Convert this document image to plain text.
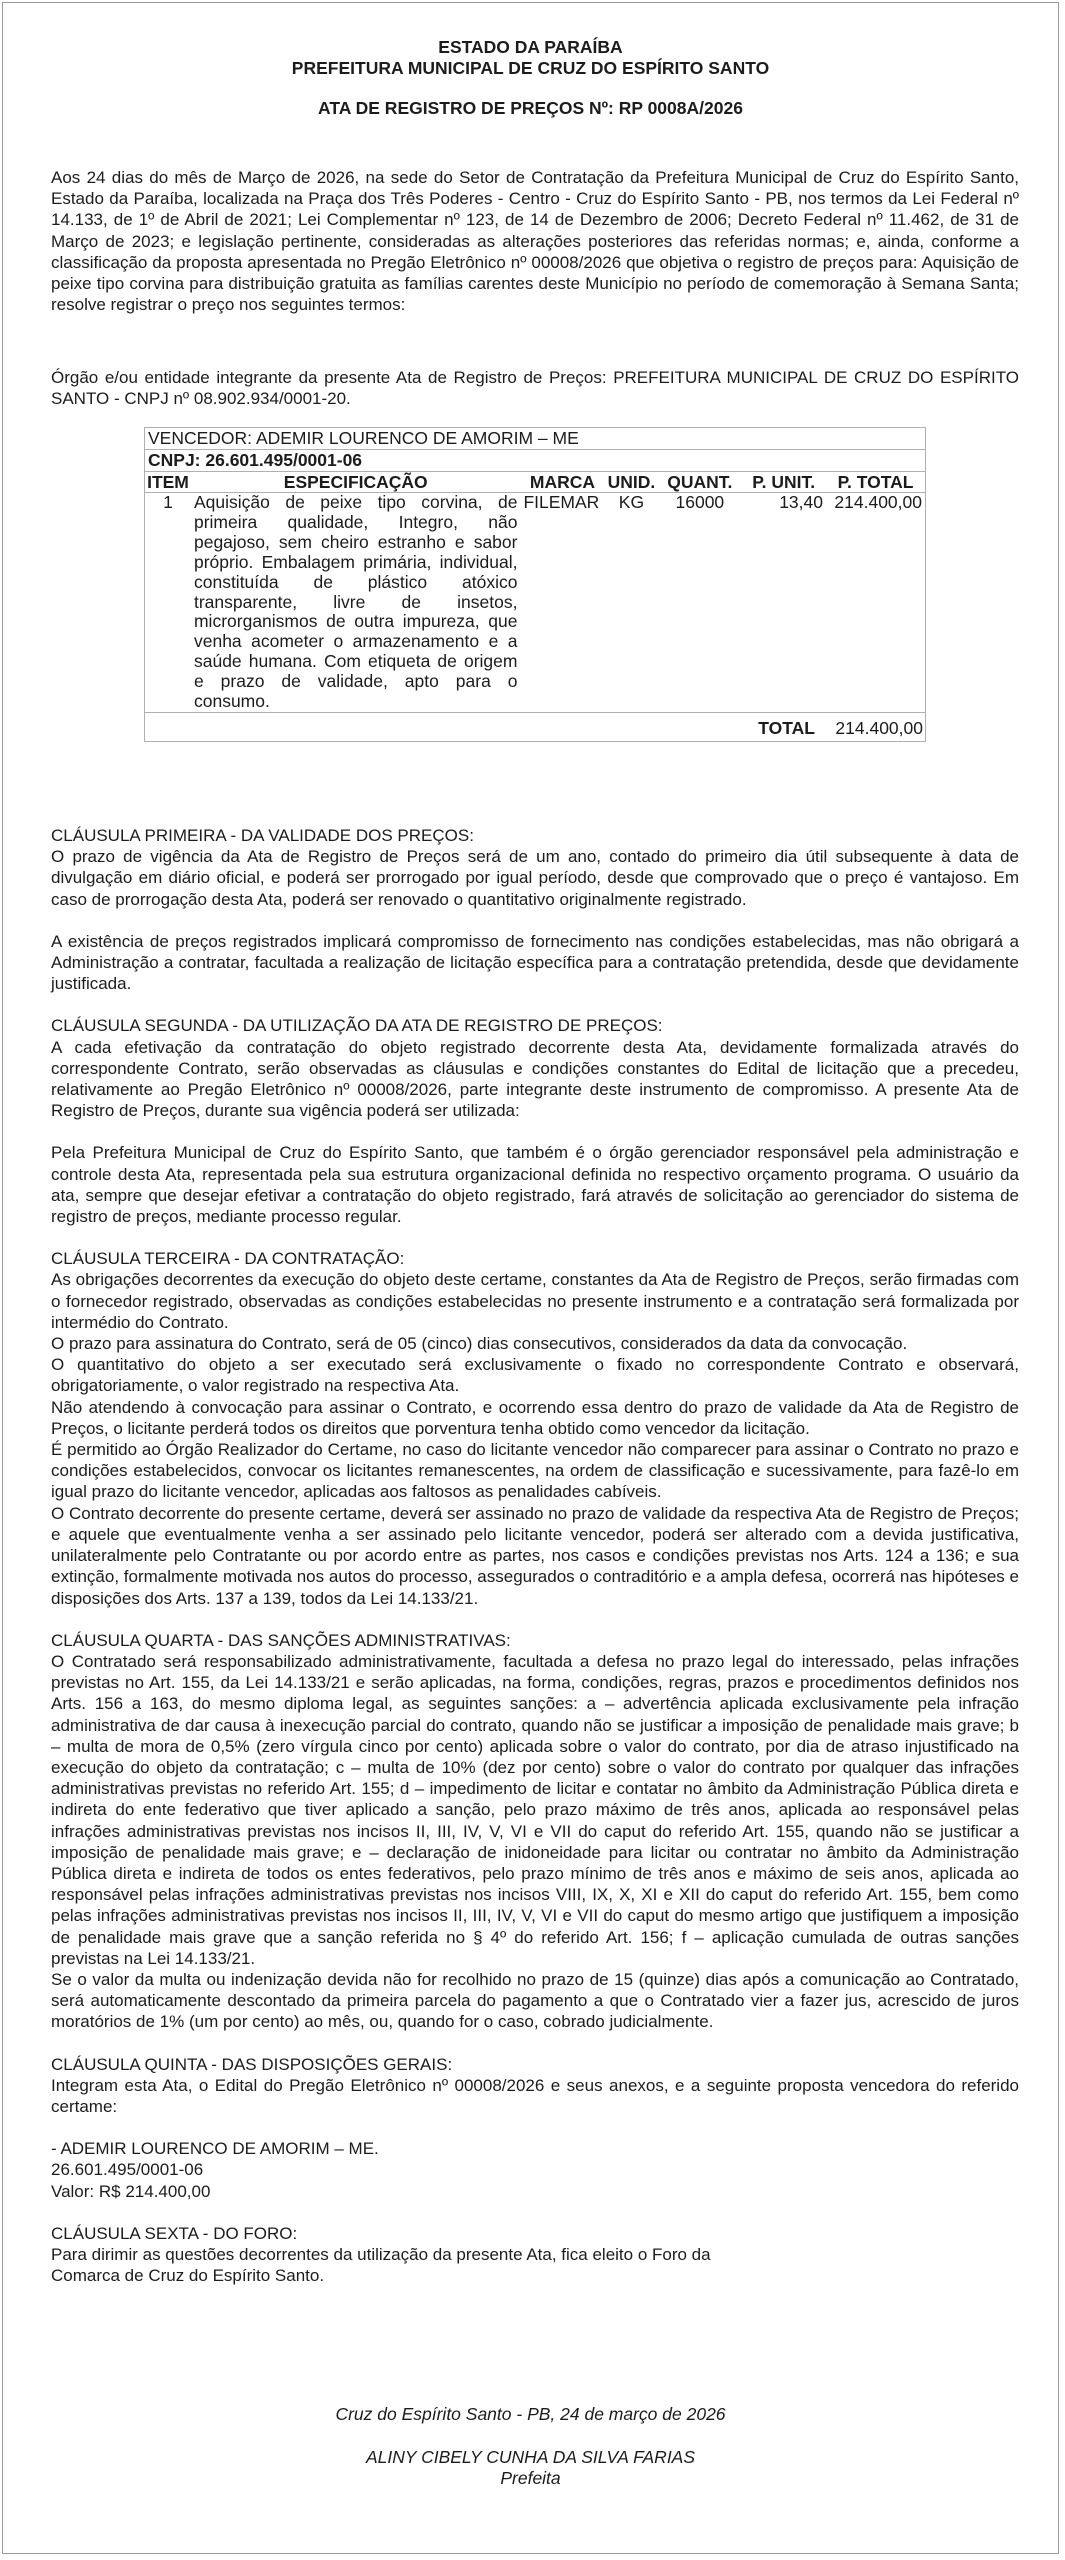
ESTADO DA PARAÍBA
PREFEITURA MUNICIPAL DE CRUZ DO ESPÍRITO SANTO
ATA DE REGISTRO DE PREÇOS Nº: RP 0008A/2026

Aos 24 dias do mês de Março de 2026, na sede do Setor de Contratação da Prefeitura Municipal de Cruz do Espírito Santo, Estado da Paraíba, localizada na Praça dos Três Poderes - Centro - Cruz do Espírito Santo - PB, nos termos da Lei Federal nº 14.133, de 1º de Abril de 2021; Lei Complementar nº 123, de 14 de Dezembro de 2006; Decreto Federal nº 11.462, de 31 de Março de 2023; e legislação pertinente, consideradas as alterações posteriores das referidas normas; e, ainda, conforme a classificação da proposta apresentada no Pregão Eletrônico nº 00008/2026 que objetiva o registro de preços para: Aquisição de peixe tipo corvina para distribuição gratuita as famílias carentes deste Município no período de comemoração à Semana Santa; resolve registrar o preço nos seguintes termos:

Órgão e/ou entidade integrante da presente Ata de Registro de Preços: PREFEITURA MUNICIPAL DE CRUZ DO ESPÍRITO SANTO - CNPJ nº 08.902.934/0001-20.

VENCEDOR: ADEMIR LOURENCO DE AMORIM – ME
CNPJ: 26.601.495/0001-06
ITEM	ESPECIFICAÇÃO	MARCA	UNID.	QUANT.	P. UNIT.	P. TOTAL
1	Aquisição de peixe tipo corvina, de primeira qualidade, Integro, não pegajoso, sem cheiro estranho e sabor próprio. Embalagem primária, individual, constituída de plástico atóxico transparente, livre de insetos, microrganismos de outra impureza, que venha acometer o armazenamento e a saúde humana. Com etiqueta de origem e prazo de validade, apto para o consumo.	FILEMAR	KG	16000	13,40	214.400,00
TOTAL 214.400,00
CLÁUSULA PRIMEIRA - DA VALIDADE DOS PREÇOS:

O prazo de vigência da Ata de Registro de Preços será de um ano, contado do primeiro dia útil subsequente à data de divulgação em diário oficial, e poderá ser prorrogado por igual período, desde que comprovado que o preço é vantajoso. Em caso de prorrogação desta Ata, poderá ser renovado o quantitativo originalmente registrado.

A existência de preços registrados implicará compromisso de fornecimento nas condições estabelecidas, mas não obrigará a Administração a contratar, facultada a realização de licitação específica para a contratação pretendida, desde que devidamente justificada.

CLÁUSULA SEGUNDA - DA UTILIZAÇÃO DA ATA DE REGISTRO DE PREÇOS:

A cada efetivação da contratação do objeto registrado decorrente desta Ata, devidamente formalizada através do correspondente Contrato, serão observadas as cláusulas e condições constantes do Edital de licitação que a precedeu, relativamente ao Pregão Eletrônico nº 00008/2026, parte integrante deste instrumento de compromisso. A presente Ata de Registro de Preços, durante sua vigência poderá ser utilizada:

Pela Prefeitura Municipal de Cruz do Espírito Santo, que também é o órgão gerenciador responsável pela administração e controle desta Ata, representada pela sua estrutura organizacional definida no respectivo orçamento programa. O usuário da ata, sempre que desejar efetivar a contratação do objeto registrado, fará através de solicitação ao gerenciador do sistema de registro de preços, mediante processo regular.

CLÁUSULA TERCEIRA - DA CONTRATAÇÃO:

As obrigações decorrentes da execução do objeto deste certame, constantes da Ata de Registro de Preços, serão firmadas com o fornecedor registrado, observadas as condições estabelecidas no presente instrumento e a contratação será formalizada por intermédio do Contrato.

O prazo para assinatura do Contrato, será de 05 (cinco) dias consecutivos, considerados da data da convocação.

O quantitativo do objeto a ser executado será exclusivamente o fixado no correspondente Contrato e observará, obrigatoriamente, o valor registrado na respectiva Ata.

Não atendendo à convocação para assinar o Contrato, e ocorrendo essa dentro do prazo de validade da Ata de Registro de Preços, o licitante perderá todos os direitos que porventura tenha obtido como vencedor da licitação.

É permitido ao Órgão Realizador do Certame, no caso do licitante vencedor não comparecer para assinar o Contrato no prazo e condições estabelecidos, convocar os licitantes remanescentes, na ordem de classificação e sucessivamente, para fazê-lo em igual prazo do licitante vencedor, aplicadas aos faltosos as penalidades cabíveis.

O Contrato decorrente do presente certame, deverá ser assinado no prazo de validade da respectiva Ata de Registro de Preços; e aquele que eventualmente venha a ser assinado pelo licitante vencedor, poderá ser alterado com a devida justificativa, unilateralmente pelo Contratante ou por acordo entre as partes, nos casos e condições previstas nos Arts. 124 a 136; e sua extinção, formalmente motivada nos autos do processo, assegurados o contraditório e a ampla defesa, ocorrerá nas hipóteses e disposições dos Arts. 137 a 139, todos da Lei 14.133/21.

CLÁUSULA QUARTA - DAS SANÇÕES ADMINISTRATIVAS:

O Contratado será responsabilizado administrativamente, facultada a defesa no prazo legal do interessado, pelas infrações previstas no Art. 155, da Lei 14.133/21 e serão aplicadas, na forma, condições, regras, prazos e procedimentos definidos nos Arts. 156 a 163, do mesmo diploma legal, as seguintes sanções: a – advertência aplicada exclusivamente pela infração administrativa de dar causa à inexecução parcial do contrato, quando não se justificar a imposição de penalidade mais grave; b – multa de mora de 0,5% (zero vírgula cinco por cento) aplicada sobre o valor do contrato, por dia de atraso injustificado na execução do objeto da contratação; c – multa de 10% (dez por cento) sobre o valor do contrato por qualquer das infrações administrativas previstas no referido Art. 155; d – impedimento de licitar e contatar no âmbito da Administração Pública direta e indireta do ente federativo que tiver aplicado a sanção, pelo prazo máximo de três anos, aplicada ao responsável pelas infrações administrativas previstas nos incisos II, III, IV, V, VI e VII do caput do referido Art. 155, quando não se justificar a imposição de penalidade mais grave; e – declaração de inidoneidade para licitar ou contratar no âmbito da Administração Pública direta e indireta de todos os entes federativos, pelo prazo mínimo de três anos e máximo de seis anos, aplicada ao responsável pelas infrações administrativas previstas nos incisos VIII, IX, X, XI e XII do caput do referido Art. 155, bem como pelas infrações administrativas previstas nos incisos II, III, IV, V, VI e VII do caput do mesmo artigo que justifiquem a imposição de penalidade mais grave que a sanção referida no § 4º do referido Art. 156; f – aplicação cumulada de outras sanções previstas na Lei 14.133/21.

Se o valor da multa ou indenização devida não for recolhido no prazo de 15 (quinze) dias após a comunicação ao Contratado, será automaticamente descontado da primeira parcela do pagamento a que o Contratado vier a fazer jus, acrescido de juros moratórios de 1% (um por cento) ao mês, ou, quando for o caso, cobrado judicialmente.

CLÁUSULA QUINTA - DAS DISPOSIÇÕES GERAIS:

Integram esta Ata, o Edital do Pregão Eletrônico nº 00008/2026 e seus anexos, e a seguinte proposta vencedora do referido certame:

- ADEMIR LOURENCO DE AMORIM – ME.
26.601.495/0001-06
Valor: R$ 214.400,00
CLÁUSULA SEXTA - DO FORO:
Para dirimir as questões decorrentes da utilização da presente Ata, fica eleito o Foro da
Comarca de Cruz do Espírito Santo.
Cruz do Espírito Santo - PB, 24 de março de 2026
ALINY CIBELY CUNHA DA SILVA FARIAS
Prefeita
